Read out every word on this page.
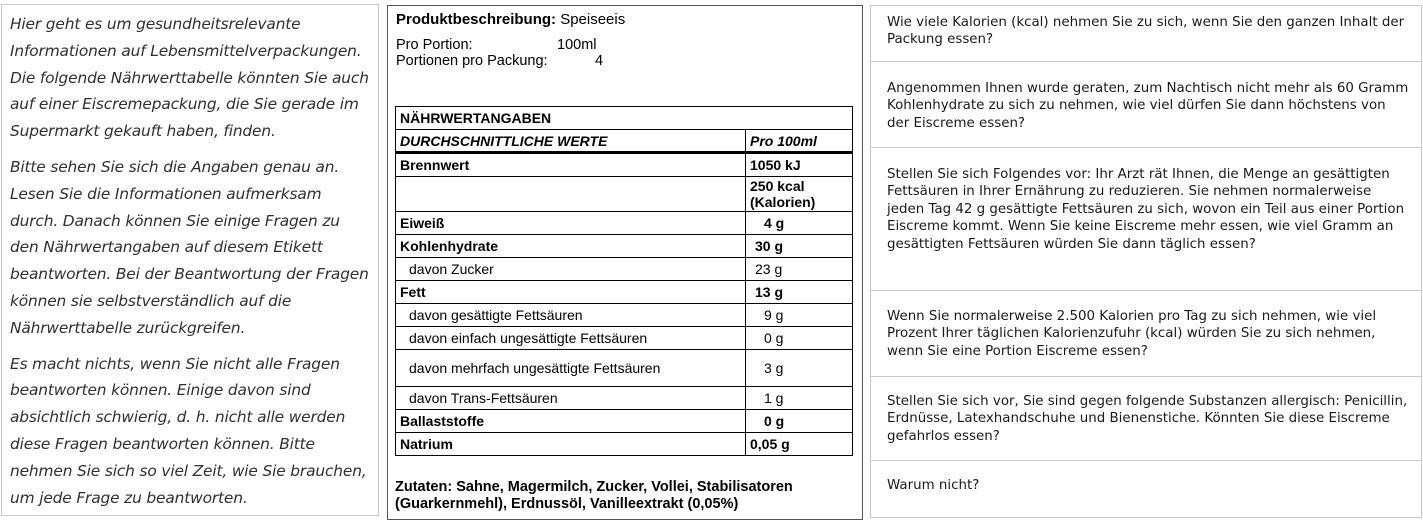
Hier geht es um gesundheitsrelevante Informationen auf Lebensmittelverpackungen. Die folgende Nährwerttabelle könnten Sie auch auf einer Eiscremepackung, die Sie gerade im Supermarkt gekauft haben, finden.

Bitte sehen Sie sich die Angaben genau an. Lesen Sie die Informationen aufmerksam durch. Danach können Sie einige Fragen zu den Nährwertangaben auf diesem Etikett beantworten. Bei der Beantwortung der Fragen können sie selbstverständlich auf die Nährwerttabelle zurückgreifen.

Es macht nichts, wenn Sie nicht alle Fragen beantworten können. Einige davon sind absichtlich schwierig, d. h. nicht alle werden diese Fragen beantworten können. Bitte nehmen Sie sich so viel Zeit, wie Sie brauchen, um jede Frage zu beantworten.

Produktbeschreibung: Speiseeis
Pro Portion:	100ml
Portionen pro Packung:	4
NÄHRWERTANGABEN	
DURCHSCHNITTLICHE WERTE	Pro 100ml
Brennwert	1050 kJ
	250 kcal (Kalorien)
Eiweiß	4 g
Kohlenhydrate	30 g
davon Zucker	23 g
Fett	13 g
davon gesättigte Fettsäuren	9 g
davon einfach ungesättigte Fettsäuren	0 g
davon mehrfach ungesättigte Fettsäuren	3 g
davon Trans-Fettsäuren	1 g
Ballaststoffe	0 g
Natrium	0,05 g
Zutaten: Sahne, Magermilch, Zucker, Vollei, Stabilisatoren (Guarkernmehl), Erdnussöl, Vanilleextrakt (0,05%)
Wie viele Kalorien (kcal) nehmen Sie zu sich, wenn Sie den ganzen Inhalt der Packung essen?
Angenommen Ihnen wurde geraten, zum Nachtisch nicht mehr als 60 Gramm Kohlenhydrate zu sich zu nehmen, wie viel dürfen Sie dann höchstens von der Eiscreme essen?
Stellen Sie sich Folgendes vor: Ihr Arzt rät Ihnen, die Menge an gesättigten Fettsäuren in Ihrer Ernährung zu reduzieren. Sie nehmen normalerweise jeden Tag 42 g gesättigte Fettsäuren zu sich, wovon ein Teil aus einer Portion Eiscreme kommt. Wenn Sie keine Eiscreme mehr essen, wie viel Gramm an gesättigten Fettsäuren würden Sie dann täglich essen?
Wenn Sie normalerweise 2.500 Kalorien pro Tag zu sich nehmen, wie viel Prozent Ihrer täglichen Kalorienzufuhr (kcal) würden Sie zu sich nehmen, wenn Sie eine Portion Eiscreme essen?
Stellen Sie sich vor, Sie sind gegen folgende Substanzen allergisch: Penicillin, Erdnüsse, Latexhandschuhe und Bienenstiche. Könnten Sie diese Eiscreme gefahrlos essen?
Warum nicht?
